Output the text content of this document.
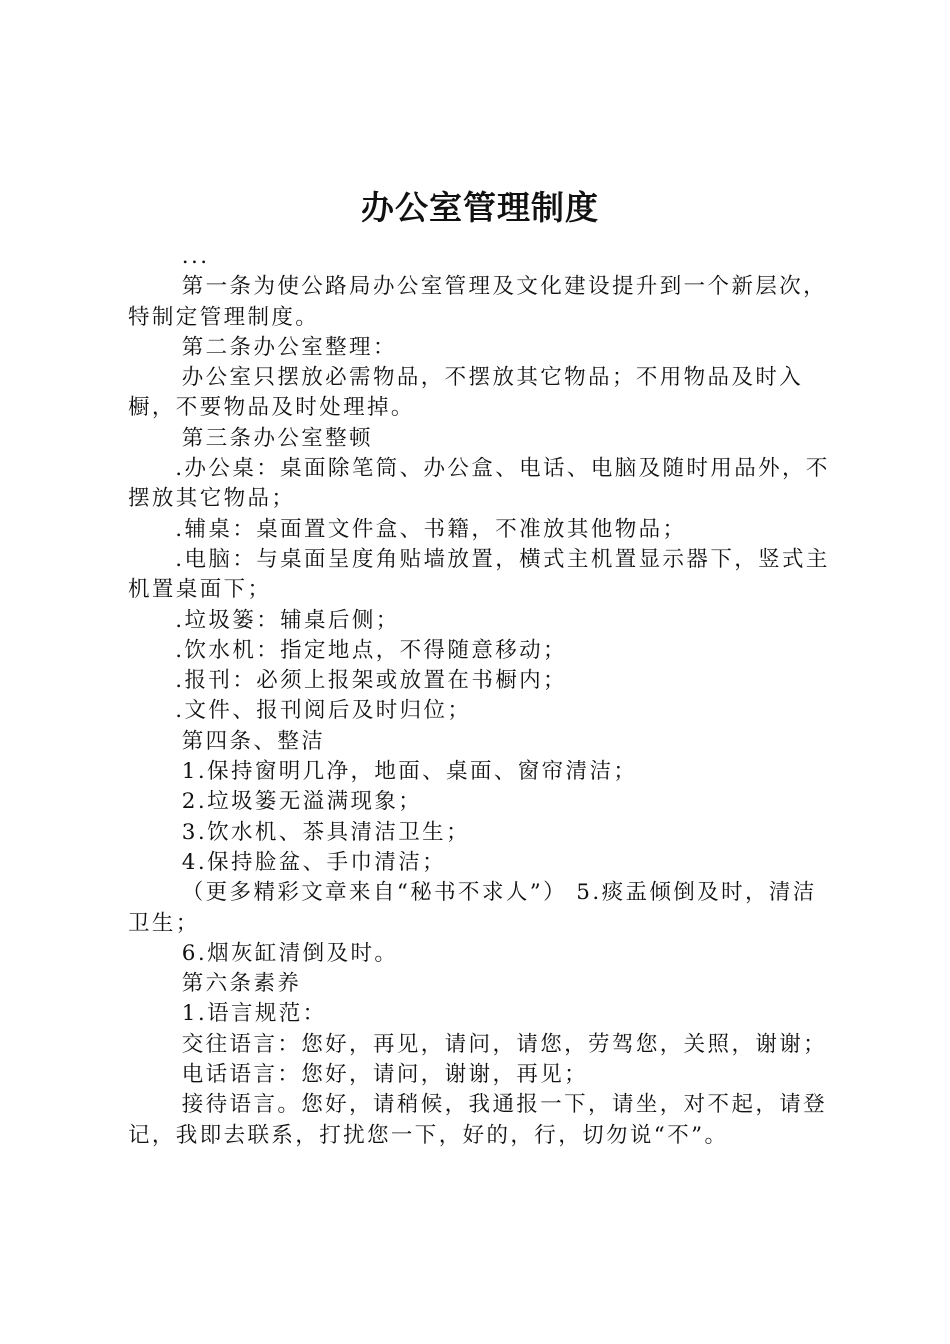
办公室管理制度

...

第一条为使公路局办公室管理及文化建设提升到一个新层次，特制定管理制度。

第二条办公室整理：

办公室只摆放必需物品，不摆放其它物品；不用物品及时入橱，不要物品及时处理掉。

第三条办公室整顿

.办公桌：桌面除笔筒、办公盒、电话、电脑及随时用品外，不摆放其它物品；

.辅桌：桌面置文件盒、书籍，不准放其他物品；

.电脑：与桌面呈度角贴墙放置，横式主机置显示器下，竖式主机置桌面下；

.垃圾篓：辅桌后侧；

.饮水机：指定地点，不得随意移动；

.报刊：必须上报架或放置在书橱内；

.文件、报刊阅后及时归位；

第四条、整洁

1.保持窗明几净，地面、桌面、窗帘清洁；

2.垃圾篓无溢满现象；

3.饮水机、茶具清洁卫生；

4.保持脸盆、手巾清洁；

（更多精彩文章来自“秘书不求人”） 5.痰盂倾倒及时，清洁卫生；

6.烟灰缸清倒及时。

第六条素养

1.语言规范：

交往语言：您好，再见，请问，请您，劳驾您，关照，谢谢；

电话语言：您好，请问，谢谢，再见；

接待语言。您好，请稍候，我通报一下，请坐，对不起，请登记，我即去联系，打扰您一下，好的，行，切勿说“不”。
